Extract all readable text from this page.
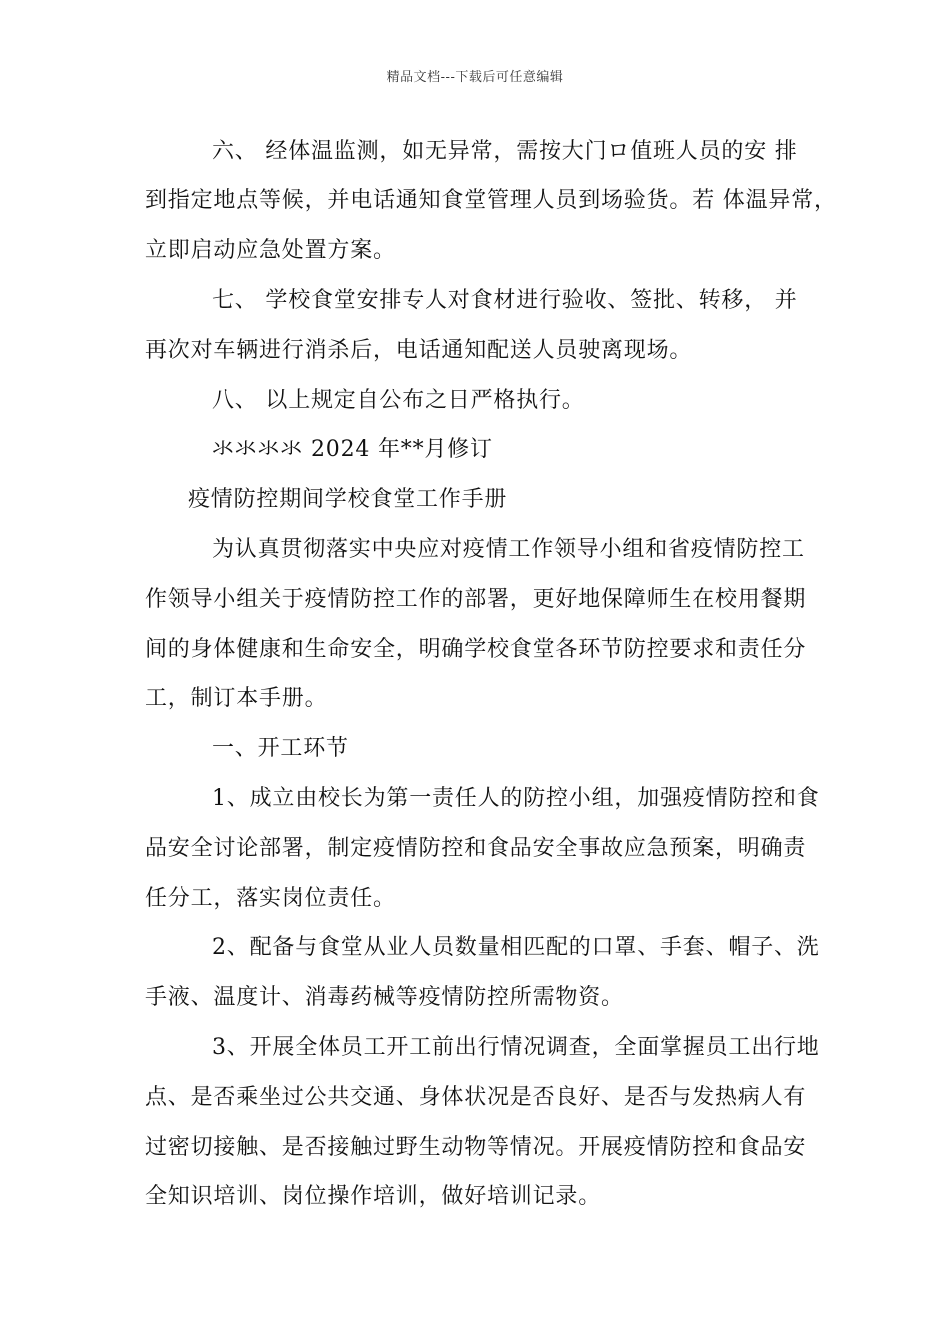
精品文档---下载后可任意编辑
六、 经体温监测，如无异常，需按大门ロ值班人员的安 排
到指定地点等候，并电话通知食堂管理人员到场验货。若 体温异常，
立即启动应急处置方案。
七、 学校食堂安排专人对食材进行验收、签批、转移， 并
再次对车辆进行消杀后，电话通知配送人员驶离现场。
八、 以上规定自公布之日严格执行。
氺氺氺氺 2024 年**月修订
疫情防控期间学校食堂工作手册
为认真贯彻落实中央应对疫情工作领导小组和省疫情防控工
作领导小组关于疫情防控工作的部署，更好地保障师生在校用餐期
间的身体健康和生命安全，明确学校食堂各环节防控要求和责任分
工，制订本手册。
一、开工环节
1、成立由校长为第一责任人的防控小组，加强疫情防控和食
品安全讨论部署，制定疫情防控和食品安全事故应急预案，明确责
任分工，落实岗位责任。
2、配备与食堂从业人员数量相匹配的口罩、手套、帽子、洗
手液、温度计、消毒药械等疫情防控所需物资。
3、开展全体员工开工前出行情况调查，全面掌握员工出行地
点、是否乘坐过公共交通、身体状况是否良好、是否与发热病人有
过密切接触、是否接触过野生动物等情况。开展疫情防控和食品安
全知识培训、岗位操作培训，做好培训记录。
